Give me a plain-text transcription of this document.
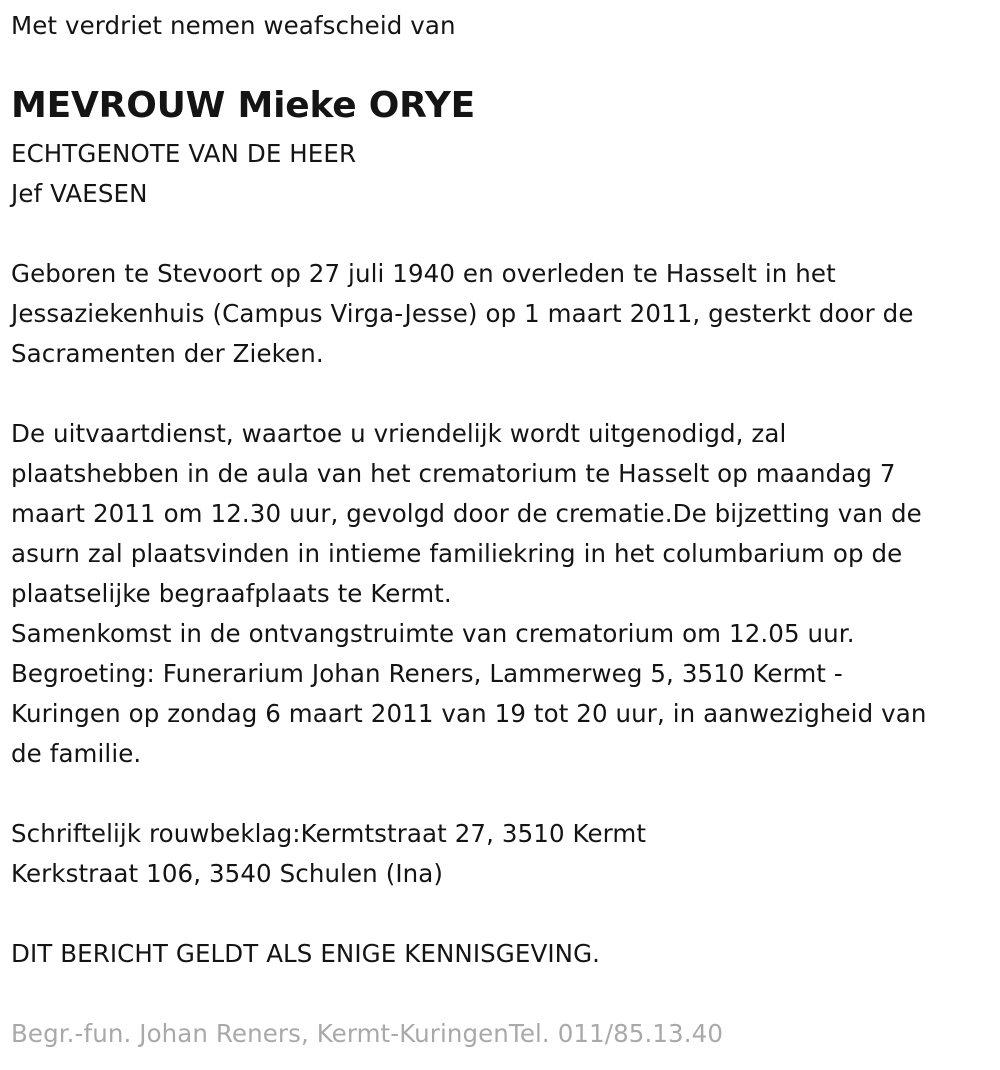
Met verdriet nemen weafscheid van
MEVROUW Mieke ORYE
ECHTGENOTE VAN DE HEER
Jef VAESEN
Geboren te Stevoort op 27 juli 1940 en overleden te Hasselt in het
Jessaziekenhuis (Campus Virga-Jesse) op 1 maart 2011, gesterkt door de
Sacramenten der Zieken.
De uitvaartdienst, waartoe u vriendelijk wordt uitgenodigd, zal
plaatshebben in de aula van het crematorium te Hasselt op maandag 7
maart 2011 om 12.30 uur, gevolgd door de crematie.De bijzetting van de
asurn zal plaatsvinden in intieme familiekring in het columbarium op de
plaatselijke begraafplaats te Kermt.
Samenkomst in de ontvangstruimte van crematorium om 12.05 uur.
Begroeting: Funerarium Johan Reners, Lammerweg 5, 3510 Kermt -
Kuringen op zondag 6 maart 2011 van 19 tot 20 uur, in aanwezigheid van
de familie.
Schriftelijk rouwbeklag:Kermtstraat 27, 3510 Kermt
Kerkstraat 106, 3540 Schulen (Ina)
DIT BERICHT GELDT ALS ENIGE KENNISGEVING.
Begr.-fun. Johan Reners, Kermt-KuringenTel. 011/85.13.40
